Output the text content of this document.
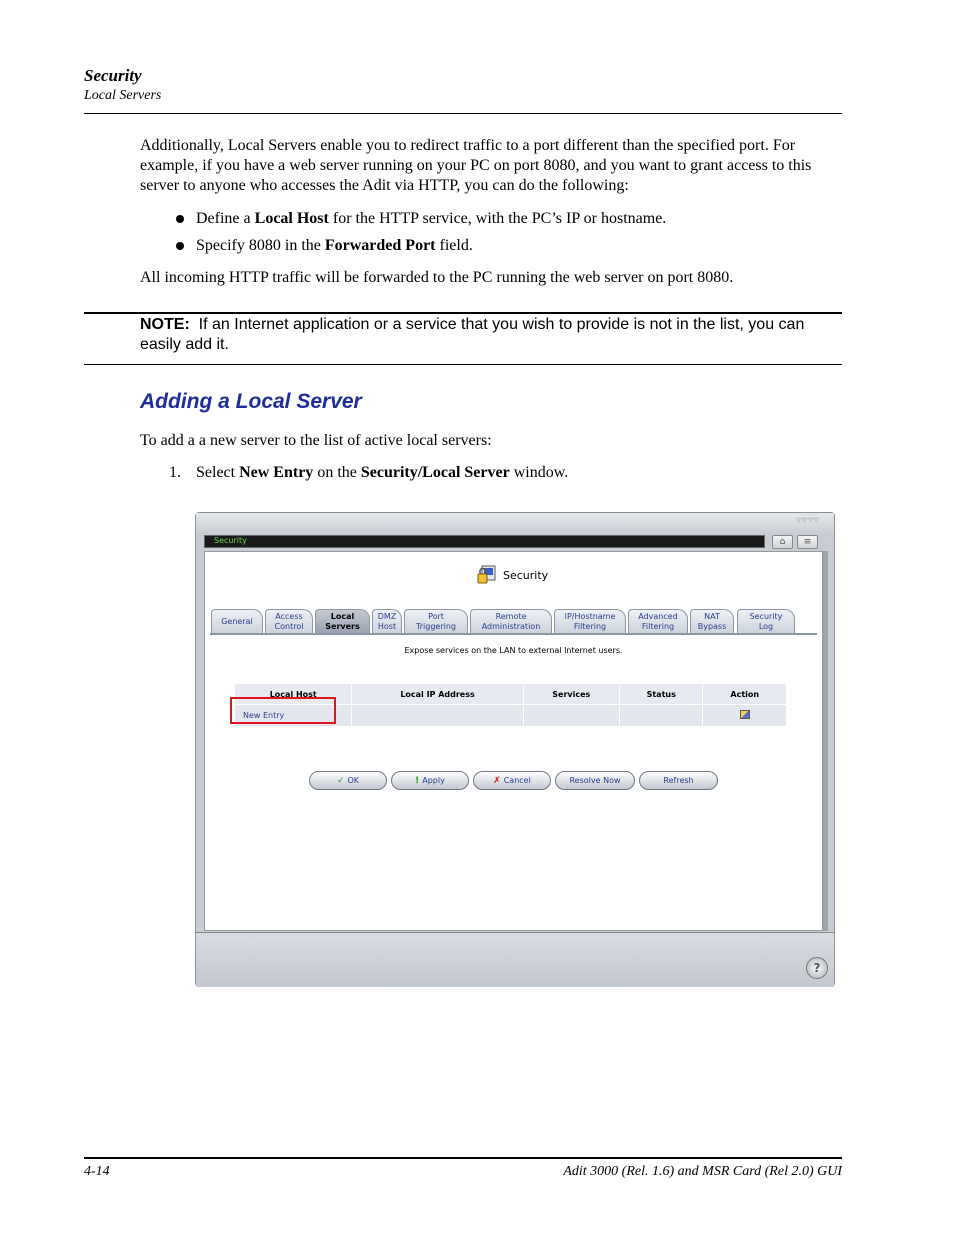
Security
Local Servers
Additionally, Local Servers enable you to redirect traffic to a port different than the specified port. For example, if you have a web server running on your PC on port 8080, and you want to grant access to this server to anyone who accesses the Adit via HTTP, you can do the following:
Define a Local Host for the HTTP service, with the PC’s IP or hostname.
Specify 8080 in the Forwarded Port field.
All incoming HTTP traffic will be forwarded to the PC running the web server on port 8080.
NOTE: If an Internet application or a service that you wish to provide is not in the list, you can easily add it.
Adding a Local Server
To add a a new server to the list of active local servers:
1. Select New Entry on the Security/Local Server window.
▿▿▿▿
Security	⌂	≡
?
Security
General
Access
Control
Local
Servers
DMZ
Host
Port
Triggering
Remote
Administration
IP/Hostname
Filtering
Advanced
Filtering
NAT
Bypass
Security
Log
Expose services on the LAN to external Internet users.
Local Host	Local IP Address	Services	Status	Action
New Entry				
✓ OK	! Apply	✗ Cancel	Resolve Now	Refresh
4-14	Adit 3000 (Rel. 1.6) and MSR Card (Rel 2.0) GUI
